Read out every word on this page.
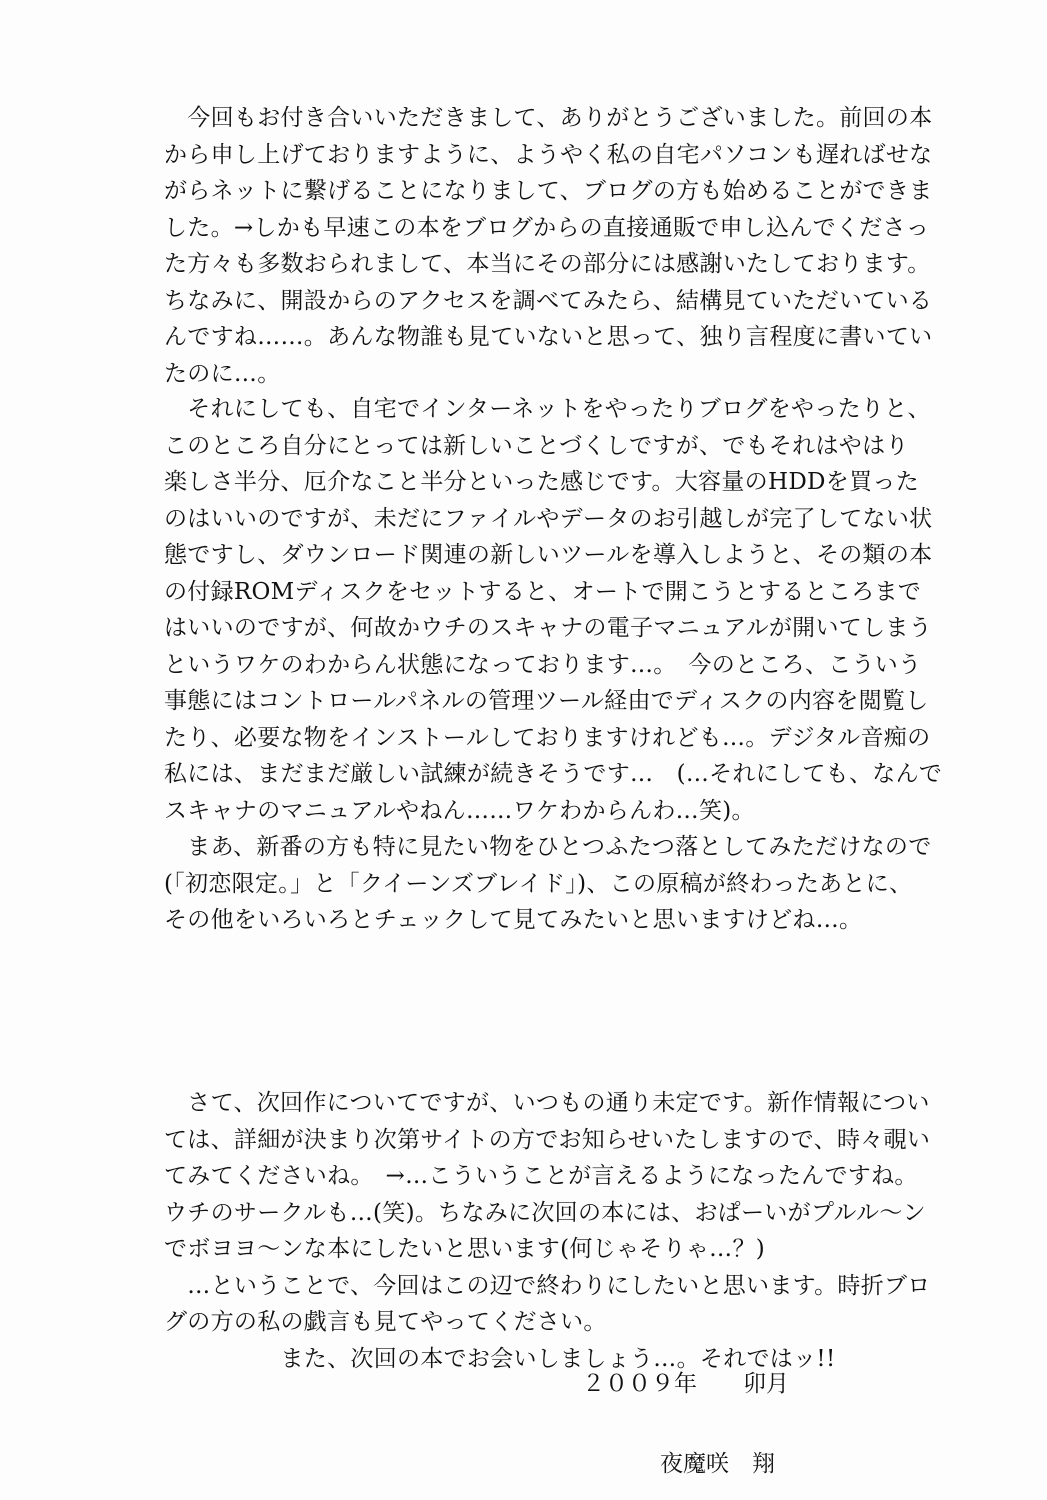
　今回もお付き合いいただきまして、ありがとうございました。前回の本
から申し上げておりますように、ようやく私の自宅パソコンも遅ればせな
がらネットに繋げることになりまして、ブログの方も始めることができま
した。→しかも早速この本をブログからの直接通販で申し込んでくださっ
た方々も多数おられまして、本当にその部分には感謝いたしております。
ちなみに、開設からのアクセスを調べてみたら、結構見ていただいている
んですね……。あんな物誰も見ていないと思って、独り言程度に書いてい
たのに…。
　それにしても、自宅でインターネットをやったりブログをやったりと、
このところ自分にとっては新しいことづくしですが、でもそれはやはり
楽しさ半分、厄介なこと半分といった感じです。大容量のHDDを買った
のはいいのですが、未だにファイルやデータのお引越しが完了してない状
態ですし、ダウンロード関連の新しいツールを導入しようと、その類の本
の付録ROMディスクをセットすると、オートで開こうとするところまで
はいいのですが、何故かウチのスキャナの電子マニュアルが開いてしまう
というワケのわからん状態になっております…。　今のところ、こういう
事態にはコントロールパネルの管理ツール経由でディスクの内容を閲覧し
たり、必要な物をインストールしておりますけれども…。デジタル音痴の
私には、まだまだ厳しい試練が続きそうです…　(…それにしても、なんで
スキャナのマニュアルやねん……ワケわからんわ…笑)。
　まあ、新番の方も特に見たい物をひとつふたつ落としてみただけなので
(「初恋限定。」と「クイーンズブレイド」)、この原稿が終わったあとに、
その他をいろいろとチェックして見てみたいと思いますけどね…。
　さて、次回作についてですが、いつもの通り未定です。新作情報につい
ては、詳細が決まり次第サイトの方でお知らせいたしますので、時々覗い
てみてくださいね。　→…こういうことが言えるようになったんですね。
ウチのサークルも…(笑)。ちなみに次回の本には、おぱーいがプルル～ン
でボヨヨ～ンな本にしたいと思います(何じゃそりゃ…？)
　…ということで、今回はこの辺で終わりにしたいと思います。時折ブロ
グの方の私の戯言も見てやってください。
　　　　　また、次回の本でお会いしましょう…。それではッ!!
２００９年　　卯月
夜魔咲　翔
